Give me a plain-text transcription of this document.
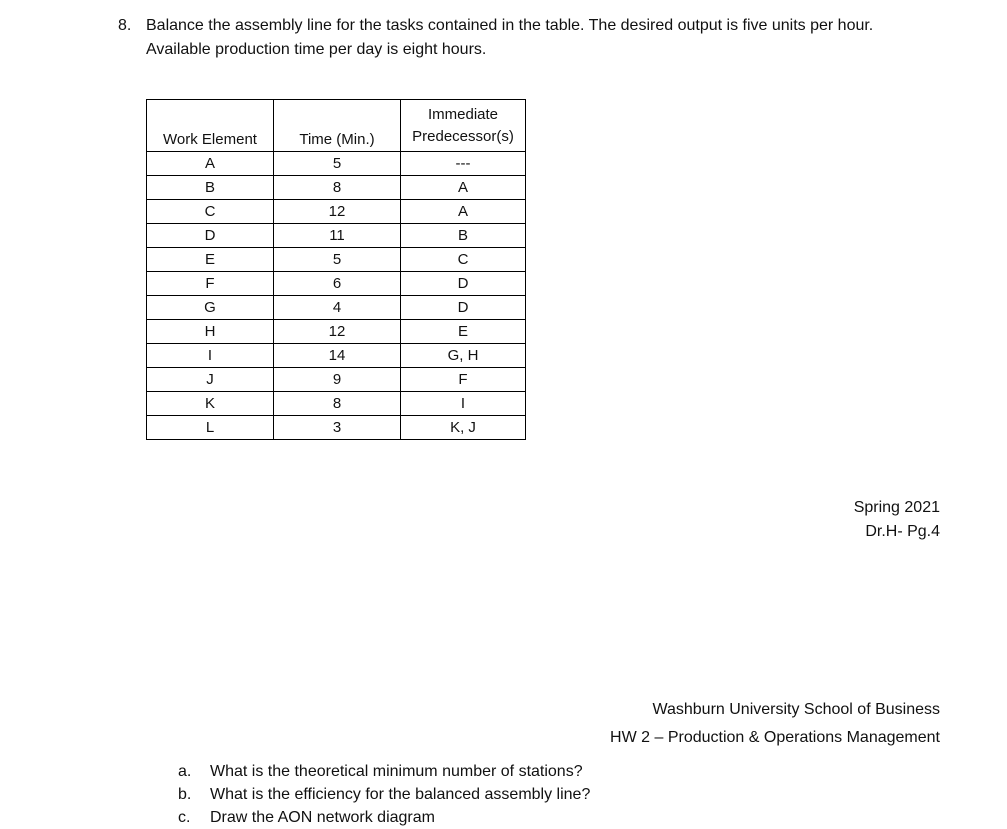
8. Balance the assembly line for the tasks contained in the table. The desired output is five units per hour. Available production time per day is eight hours.
Work Element	Time (Min.)	Immediate
Predecessor(s)

A	5	---
B	8	A
C	12	A
D	11	B
E	5	C
F	6	D
G	4	D
H	12	E
I	14	G, H
J	9	F
K	8	I
L	3	K, J
Spring 2021
Dr.H- Pg.4
Washburn University School of Business
HW 2 – Production & Operations Management
a.	What is the theoretical minimum number of stations?
b.	What is the efficiency for the balanced assembly line?
c.	Draw the AON network diagram
